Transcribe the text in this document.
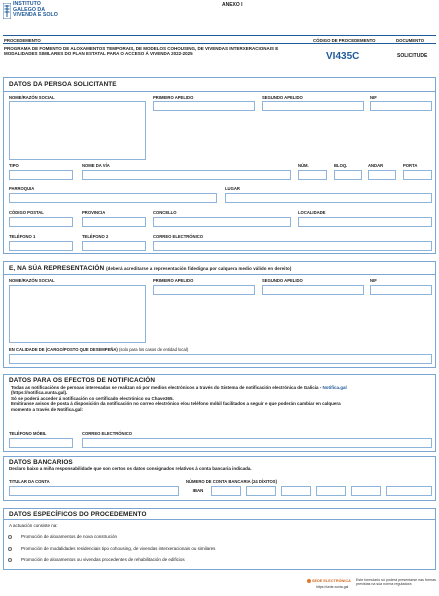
INSTITUTO
GALEGO DA
VIVENDA E SOLO
ANEXO I
PROCEDEMENTO	CÓDIGO DE PROCEDEMENTO	DOCUMENTO
PROGRAMA DE FOMENTO DE ALOXAMENTOS TEMPORAIS, DE MODELOS COHOUSING, DE VIVENDAS INTERXERACIONAIS E MODALIDADES SIMILARES DO PLAN ESTATAL PARA O ACCESO Á VIVENDA 2022-2025	VI435C	SOLICITUDE
DATOS DA PERSOA SOLICITANTE
NOME/RAZÓN SOCIAL	PRIMEIRO APELIDO	SEGUNDO APELIDO	NIF
TIPO	NOME DA VÍA	NÚM.	BLOQ.	ANDAR	PORTA
PARROQUIA	LUGAR
CÓDIGO POSTAL	PROVINCIA	CONCELLO	LOCALIDADE
TELÉFONO 1	TELÉFONO 2	CORREO ELECTRÓNICO
E, NA SÚA REPRESENTACIÓN (deberá acreditarse a representación fidedigna por calquera medio válido en dereito)
NOME/RAZÓN SOCIAL	PRIMEIRO APELIDO	SEGUNDO APELIDO	NIF
EN CALIDADE DE (CARGO/POSTO QUE DESEMPEÑA) (solo para los casos de entidad local)
DATOS PARA OS EFECTOS DE NOTIFICACIÓN
Todas as notificacións de persoas interesadas se realizan só por medios electrónicos a través do Sistema de notificación electrónica de Galicia - Notifica.gal
(https://notifica.xunta.gal).
Só se poderá acceder á notificación co certificado electrónico ou Chave365.
Emitiranse avisos de posta á disposición da notificación no correo electrónico e/ou teléfono móbil facilitados a seguir e que poderán cambiar en calquera
momento a través de Notifica.gal:
TELÉFONO MÓBIL	CORREO ELECTRÓNICO
DATOS BANCARIOS
Declaro baixo a miña responsabilidade que son certos os datos consignados relativos á conta bancaria indicada.
TITULAR DA CONTA	NÚMERO DE CONTA BANCARIA (24 DÍXITOS)
IBAN
DATOS ESPECÍFICOS DO PROCEDEMENTO
A actuación consiste na:
Promoción de aloxamentos de nova construción
Promoción de modalidades residenciais tipo cohousing, de vivendas interxeracionais ou similares
Promoción de aloxamentos ou vivendas procedentes de rehabilitación de edificios
SEDE ELECTRÓNICA
https://sede.xunta.gal
Este formulario só poderá presentarse nas formas previstas na súa norma reguladora
